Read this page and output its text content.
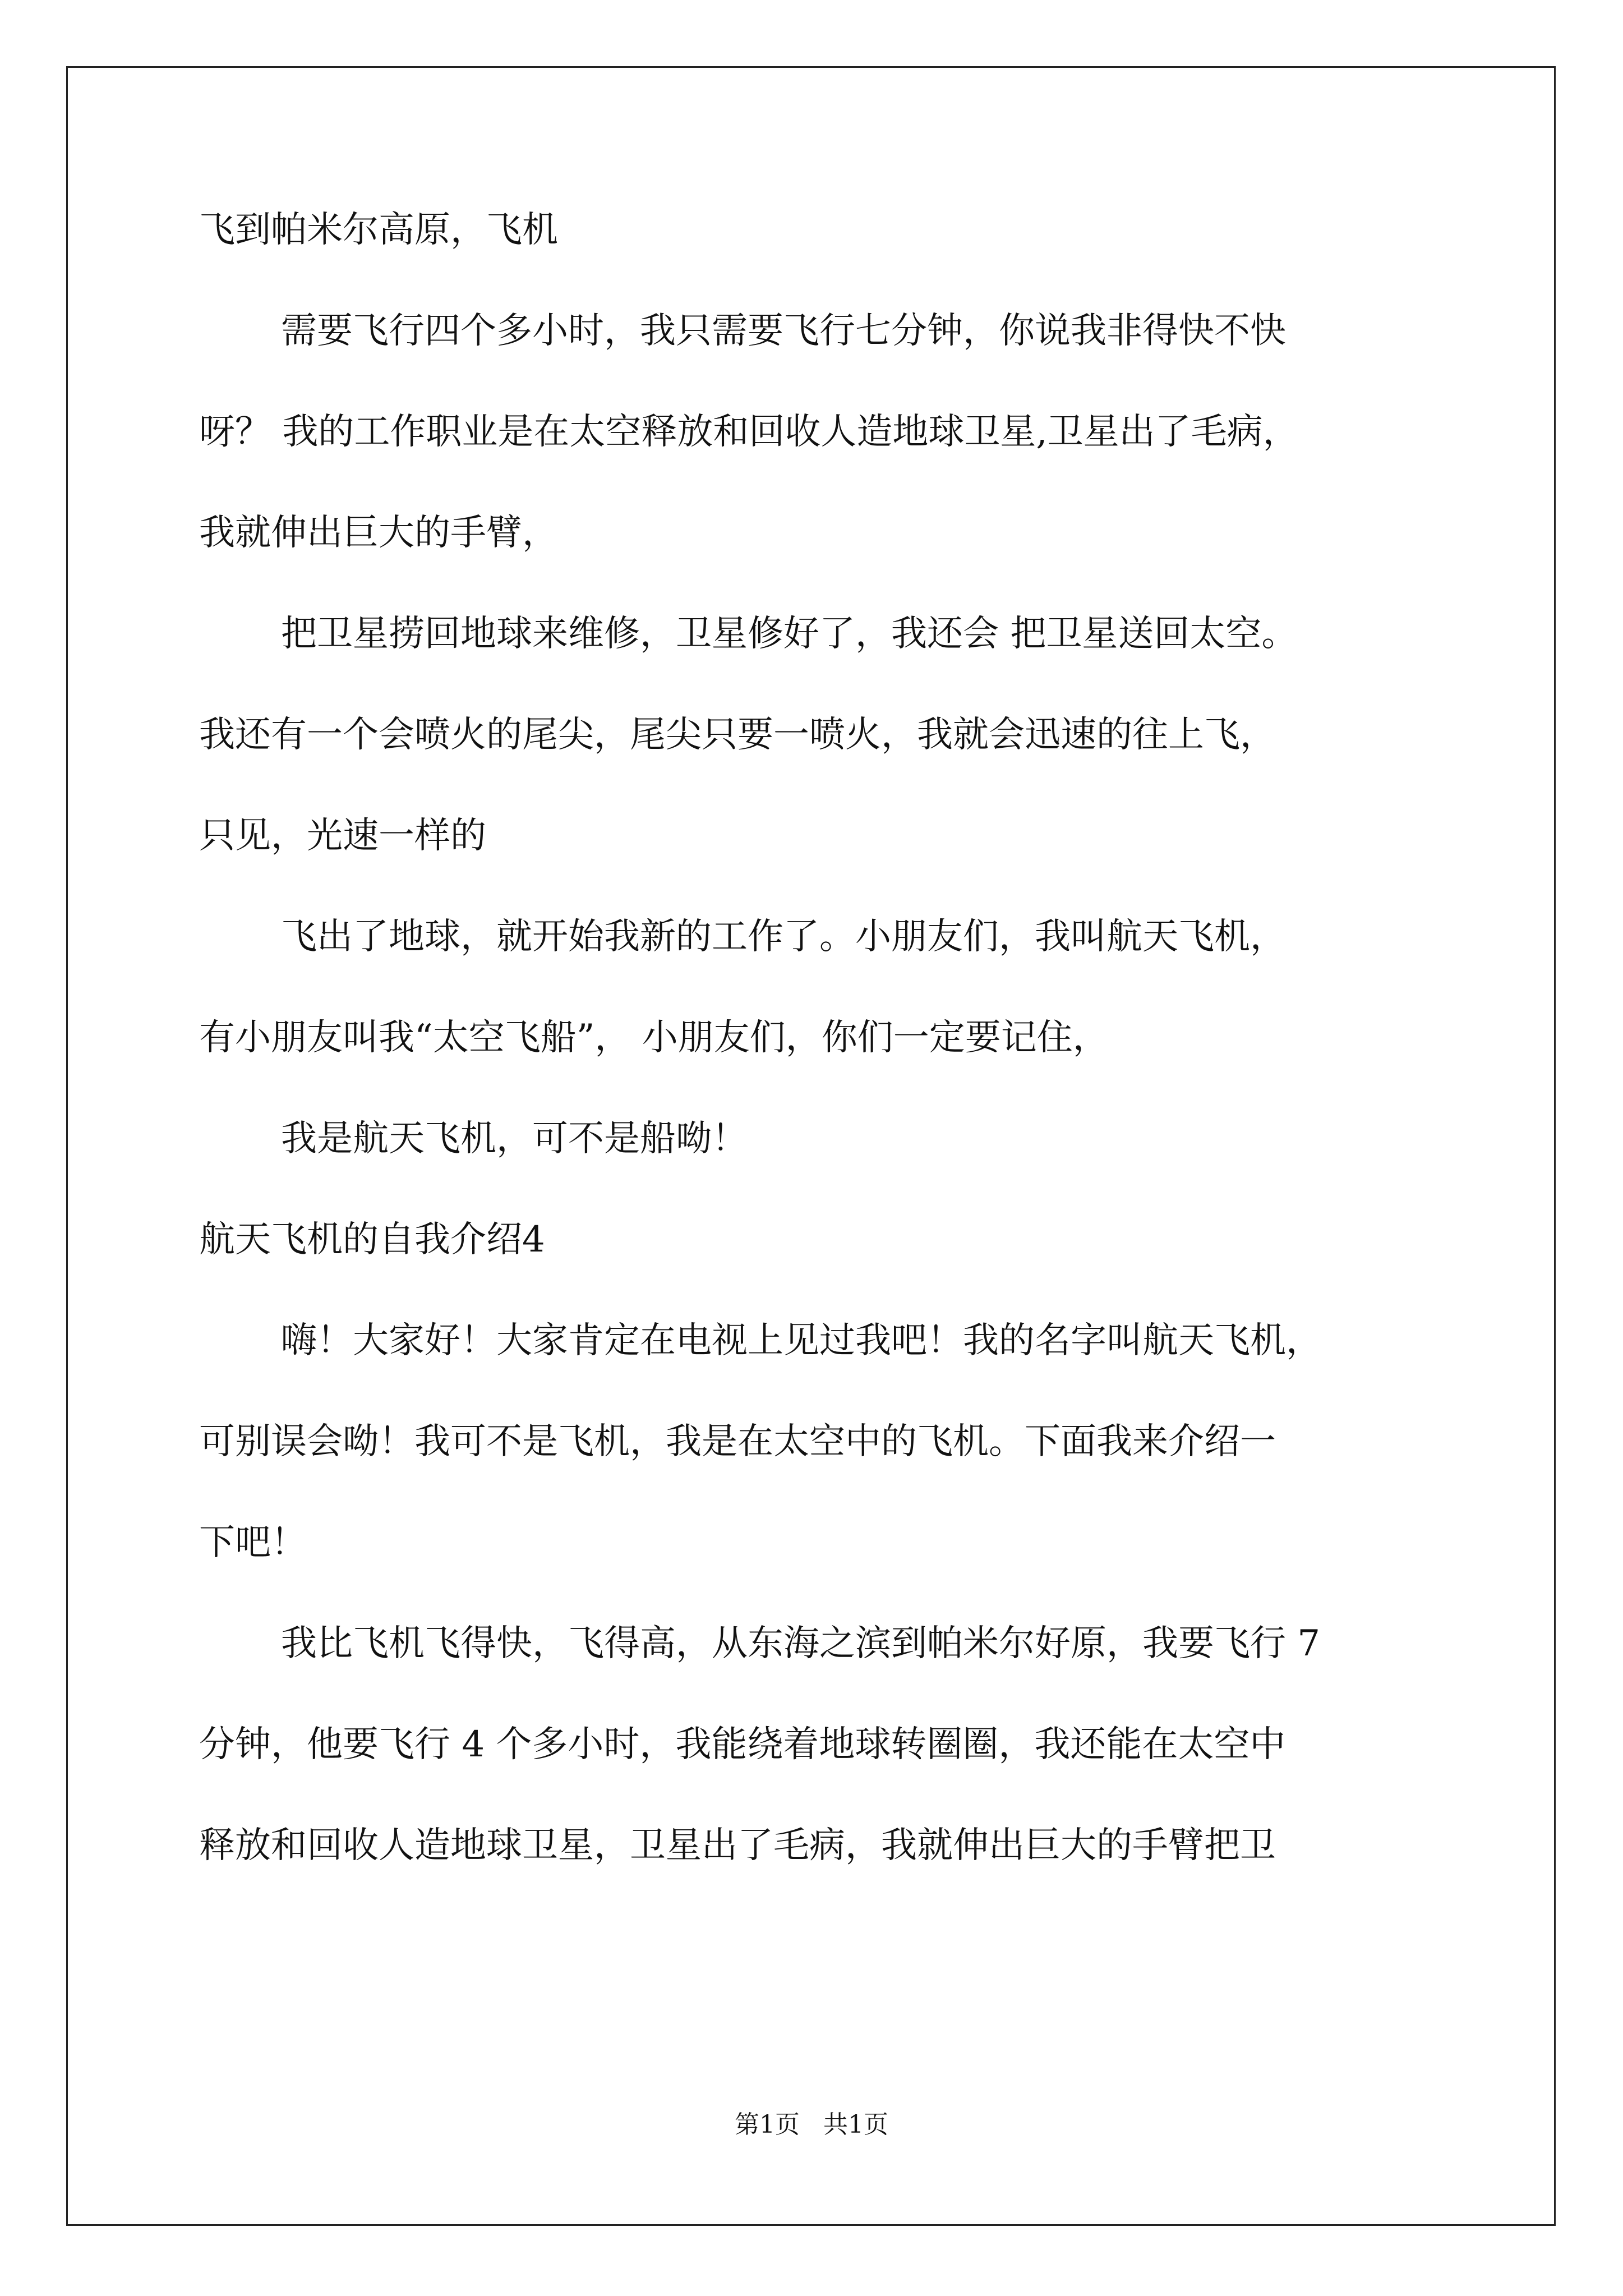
飞到帕米尔高原，飞机
需要飞行四个多小时，我只需要飞行七分钟，你说我非得快不快
呀？ 我的工作职业是在太空释放和回收人造地球卫星,卫星出了毛病，
我就伸出巨大的手臂，
把卫星捞回地球来维修，卫星修好了，我还会 把卫星送回太空。
我还有一个会喷火的尾尖，尾尖只要一喷火，我就会迅速的往上飞，
只见，光速一样的
飞出了地球，就开始我新的工作了。小朋友们，我叫航天飞机，
有小朋友叫我“太空飞船”， 小朋友们，你们一定要记住，
我是航天飞机，可不是船呦！
航天飞机的自我介绍4
嗨！大家好！大家肯定在电视上见过我吧！我的名字叫航天飞机，
可别误会呦！我可不是飞机，我是在太空中的飞机。下面我来介绍一
下吧！
我比飞机飞得快，飞得高，从东海之滨到帕米尔好原，我要飞行 7
分钟，他要飞行 4 个多小时，我能绕着地球转圈圈，我还能在太空中
释放和回收人造地球卫星，卫星出了毛病，我就伸出巨大的手臂把卫
第1页   共1页
